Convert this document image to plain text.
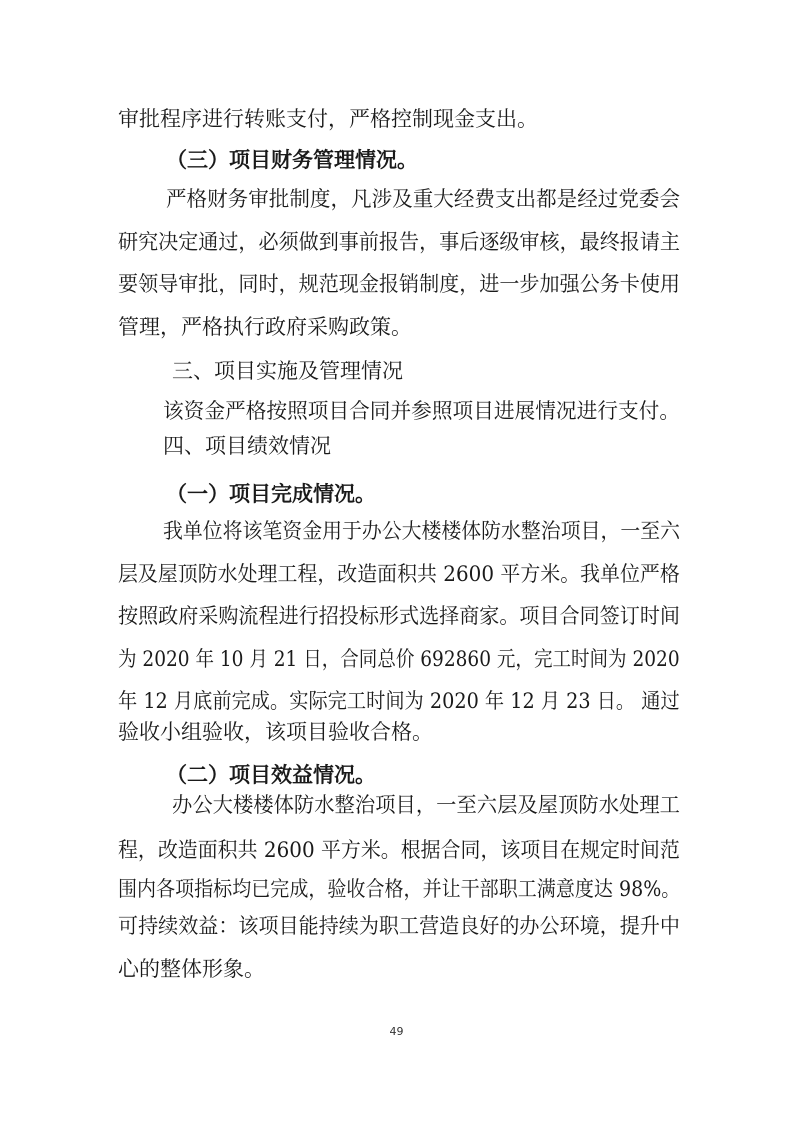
审批程序进行转账支付，严格控制现金支出。
（三）项目财务管理情况。
严格财务审批制度，凡涉及重大经费支出都是经过党委会
研究决定通过，必须做到事前报告，事后逐级审核，最终报请主
要领导审批，同时，规范现金报销制度，进一步加强公务卡使用
管理，严格执行政府采购政策。
三、项目实施及管理情况
该资金严格按照项目合同并参照项目进展情况进行支付。
四、项目绩效情况
（一）项目完成情况。
我单位将该笔资金用于办公大楼楼体防水整治项目，一至六
层及屋顶防水处理工程，改造面积共 2600 平方米。我单位严格
按照政府采购流程进行招投标形式选择商家。项目合同签订时间
为 2020 年 10 月 21 日，合同总价 692860 元，完工时间为 2020
年 12 月底前完成。实际完工时间为 2020 年 12 月 23 日。 通过
验收小组验收，该项目验收合格。
（二）项目效益情况。
办公大楼楼体防水整治项目，一至六层及屋顶防水处理工
程，改造面积共 2600 平方米。根据合同，该项目在规定时间范
围内各项指标均已完成，验收合格，并让干部职工满意度达 98%。
可持续效益：该项目能持续为职工营造良好的办公环境，提升中
心的整体形象。
49
